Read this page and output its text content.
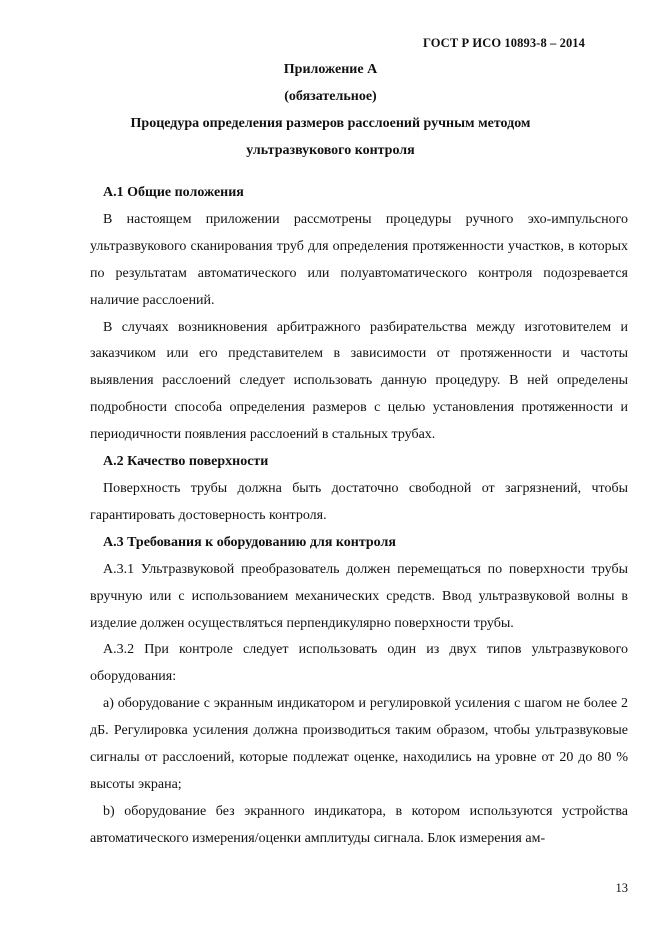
ГОСТ Р ИСО 10893-8 – 2014
Приложение А
(обязательное)
Процедура определения размеров расслоений ручным методом
ультразвукового контроля
А.1 Общие положения

В настоящем приложении рассмотрены процедуры ручного эхо-импульсного ультразвукового сканирования труб для определения протяженности участков, в которых по результатам автоматического или полуавтоматического контроля подозревается наличие расслоений.

В случаях возникновения арбитражного разбирательства между изготовителем и заказчиком или его представителем в зависимости от протяженности и частоты выявления расслоений следует использовать данную процедуру. В ней определены подробности способа определения размеров с целью установления протяженности и периодичности появления расслоений в стальных трубах.

А.2 Качество поверхности

Поверхность трубы должна быть достаточно свободной от загрязнений, чтобы гарантировать достоверность контроля.

А.3 Требования к оборудованию для контроля

А.3.1 Ультразвуковой преобразователь должен перемещаться по поверхности трубы вручную или с использованием механических средств. Ввод ультразвуковой волны в изделие должен осуществляться перпендикулярно поверхности трубы.

А.3.2 При контроле следует использовать один из двух типов ультразвукового оборудования:

а) оборудование с экранным индикатором и регулировкой усиления с шагом не более 2 дБ. Регулировка усиления должна производиться таким образом, чтобы ультразвуковые сигналы от расслоений, которые подлежат оценке, находились на уровне от 20 до 80 % высоты экрана;

b) оборудование без экранного индикатора, в котором используются устройства автоматического измерения/оценки амплитуды сигнала. Блок измерения ам-

13
